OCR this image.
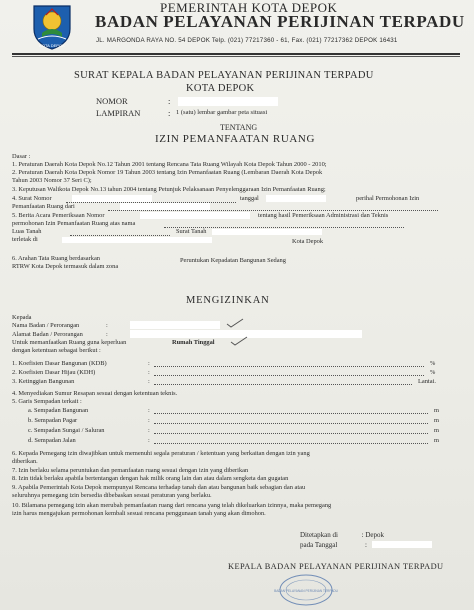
KOTA DEPOK
PEMERINTAH KOTA DEPOK
BADAN PELAYANAN PERIJINAN TERPADU
JL. MARGONDA RAYA NO. 54 DEPOK Telp. (021) 77217360 - 61, Fax. (021) 77217362 DEPOK 16431
SURAT KEPALA BADAN PELAYANAN PERIJINAN TERPADU
KOTA DEPOK
NOMOR	:
LAMPIRAN	: 1 (satu) lembar gambar peta situasi
TENTANG
IZIN PEMANFAATAN RUANG
Dasar :
1. Peraturan Daerah Kota Depok No.12 Tahun 2001 tentang Rencana Tata Ruang Wilayah Kota Depok Tahun 2000 - 2010;
2. Peraturan Daerah Kota Depok Nomor 19 Tahun 2003 tentang Izin Pemanfaatan Ruang (Lembaran Daerah Kota Depok
Tahun 2003 Nomor 37 Seri C);
3. Keputusan Walikota Depok No.13 tahun 2004 tentang Petunjuk Pelaksanaan Penyelenggaraan Izin Pemanfaatan Ruang;
4. Surat Nomor	tanggal	perihal Permohonan Izin
Pemanfaatan Ruang dari
5. Berita Acara Pemeriksaan Nomor	tentang hasil Pemeriksaan Administrasi dan Teknis
permohonan Izin Pemanfaatan Ruang atas nama
Luas Tanah	Surat Tanah
terletak di	Kota Depok
6. Arahan Tata Ruang berdasarkan	Peruntukan Kepadatan Bangunan Sedang
RTRW Kota Depok termasuk dalam zona
MENGIZINKAN
Kepada
Nama Badan / Perorangan	:
Alamat Badan / Perorangan	:
Untuk memanfaatkan Ruang guna keperluan	Rumah Tinggal
dengan ketentuan sebagai berikut :
1. Koefisien Dasar Bangunan (KDB)	:	%
2. Koefisien Dasar Hijau (KDH)	:	%
3. Ketinggian Bangunan	:	Lantai.
4. Menyediakan Sumur Resapan sesuai dengan ketentuan teknis.
5. Garis Sempadan terkait :
a. Sempadan Bangunan	:	m
b. Sempadan Pagar	:	m
c. Sempadan Sungai / Saluran	:	m
d. Sempadan Jalan	:	m
6. Kepada Pemegang izin diwajibkan untuk memenuhi segala peraturan / ketentuan yang berkaitan dengan izin yang
diberikan.
7. Izin berlaku selama peruntukan dan pemanfaatan ruang sesuai dengan izin yang diberikan
8. Izin tidak berlaku apabila bertentangan dengan hak milik orang lain dan atau dalam sengketa dan gugatan
9. Apabila Pemerintah Kota Depok mempunyai Rencana terhadap tanah dan atau bangunan baik sebagian dan atau
seluruhnya pemegang izin bersedia dibebaskan sesuai peraturan yang berlaku.
10. Bilamana pemegang izin akan merubah pemanfaatan ruang dari rencana yang telah dikeluarkan izinnya, maka pemegang
izin harus mengajukan permohonan kembali sesuai rencana penggunaan tanah yang akan dimohon.
Ditetapkan di	: Depok
pada Tanggal	:
KEPALA BADAN PELAYANAN PERIJINAN TERPADU
BADAN PELAYANAN PERIJINAN TERPADU
